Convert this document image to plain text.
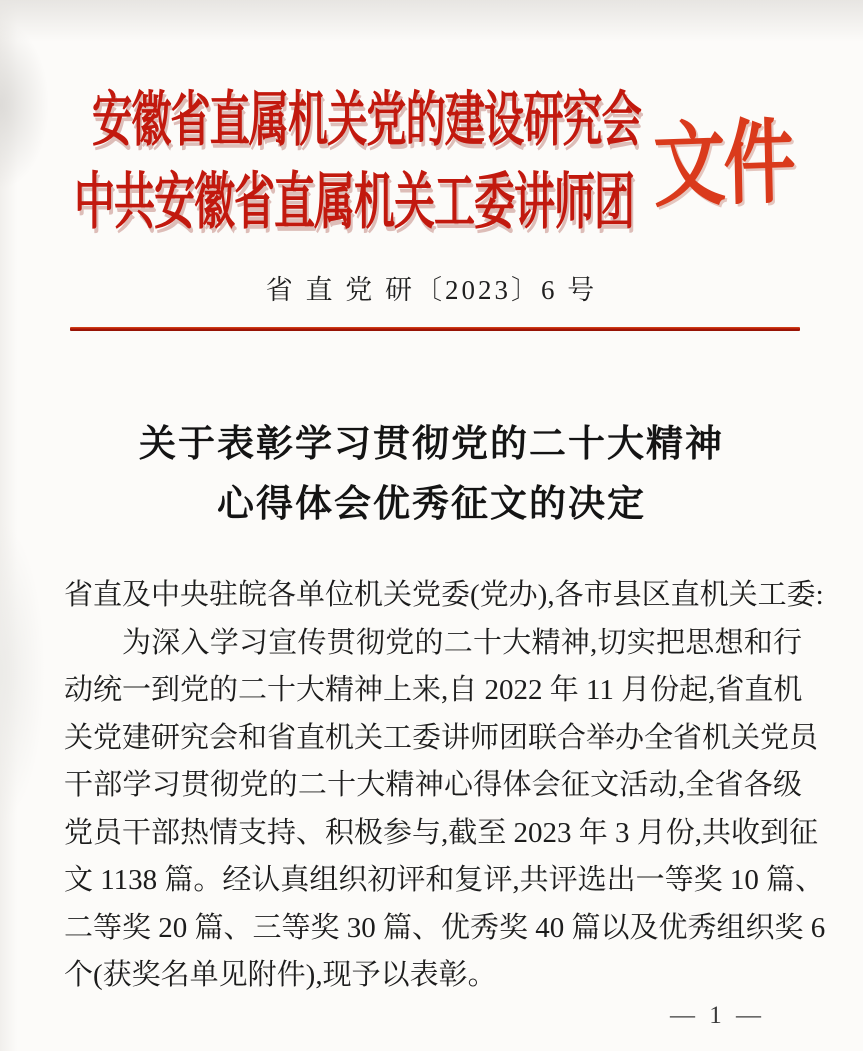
安徽省直属机关党的建设研究会
中共安徽省直属机关工委讲师团 文件
省 直 党 研〔2023〕6 号
关于表彰学习贯彻党的二十大精神
心得体会优秀征文的决定
省直及中央驻皖各单位机关党委(党办),各市县区直机关工委:
为深入学习宣传贯彻党的二十大精神,切实把思想和行
动统一到党的二十大精神上来,自 2022 年 11 月份起,省直机
关党建研究会和省直机关工委讲师团联合举办全省机关党员
干部学习贯彻党的二十大精神心得体会征文活动,全省各级
党员干部热情支持、积极参与,截至 2023 年 3 月份,共收到征
文 1138 篇。经认真组织初评和复评,共评选出一等奖 10 篇、
二等奖 20 篇、三等奖 30 篇、优秀奖 40 篇以及优秀组织奖 6
个(获奖名单见附件),现予以表彰。
— 1 —
